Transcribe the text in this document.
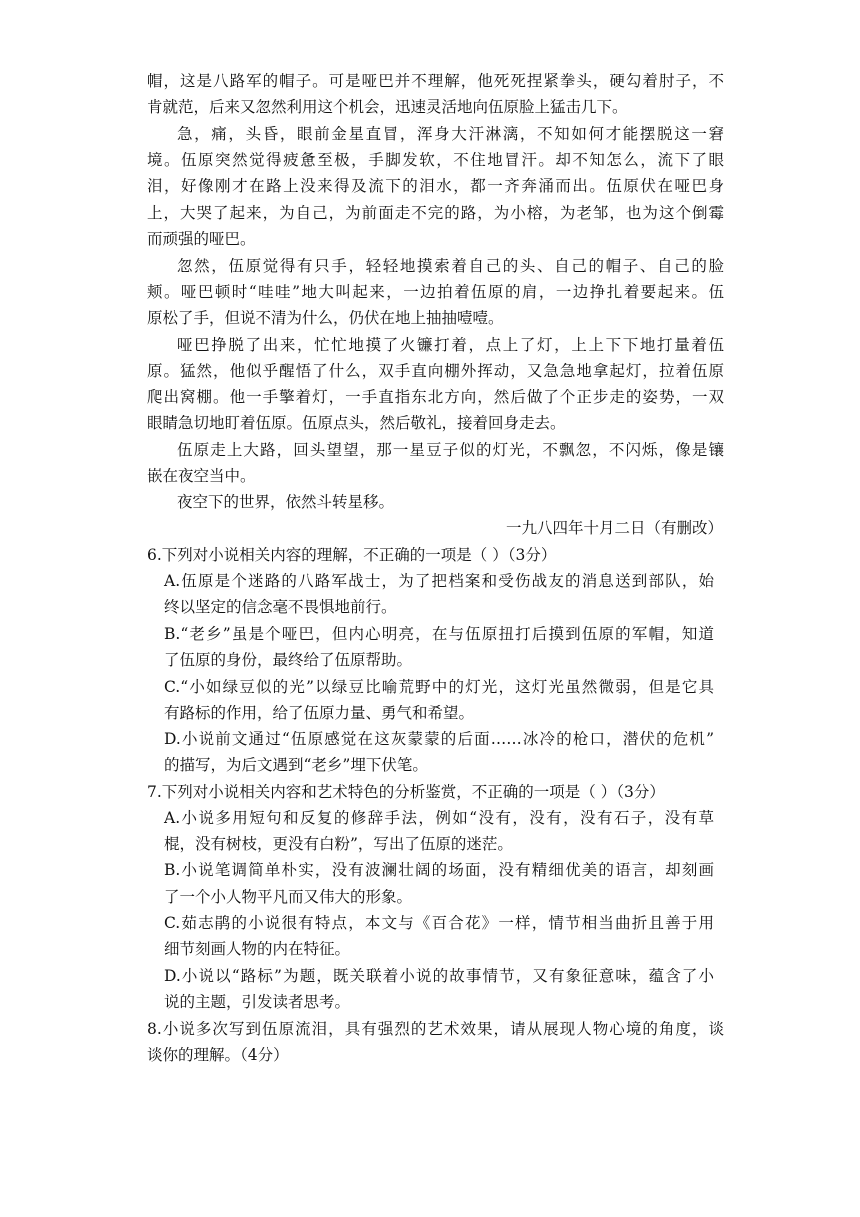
帽，这是八路军的帽子。可是哑巴并不理解，他死死捏紧拳头，硬勾着肘子，不
肯就范，后来又忽然利用这个机会，迅速灵活地向伍原脸上猛击几下。
急，痛，头昏，眼前金星直冒，浑身大汗淋漓，不知如何才能摆脱这一窘
境。伍原突然觉得疲惫至极，手脚发软，不住地冒汗。却不知怎么，流下了眼
泪，好像刚才在路上没来得及流下的泪水，都一齐奔涌而出。伍原伏在哑巴身
上，大哭了起来，为自己，为前面走不完的路，为小榕，为老邹，也为这个倒霉
而顽强的哑巴。
忽然，伍原觉得有只手，轻轻地摸索着自己的头、自己的帽子、自己的脸
颊。哑巴顿时“哇哇”地大叫起来，一边拍着伍原的肩，一边挣扎着要起来。伍
原松了手，但说不清为什么，仍伏在地上抽抽噎噎。
哑巴挣脱了出来，忙忙地摸了火镰打着，点上了灯，上上下下地打量着伍
原。猛然，他似乎醒悟了什么，双手直向棚外挥动，又急急地拿起灯，拉着伍原
爬出窝棚。他一手擎着灯，一手直指东北方向，然后做了个正步走的姿势，一双
眼睛急切地盯着伍原。伍原点头，然后敬礼，接着回身走去。
伍原走上大路，回头望望，那一星豆子似的灯光，不飘忽，不闪烁，像是镶
嵌在夜空当中。
夜空下的世界，依然斗转星移。
一九八四年十月二日（有删改）
6.下列对小说相关内容的理解，不正确的一项是（ ）（3分）
A.伍原是个迷路的八路军战士，为了把档案和受伤战友的消息送到部队，始
终以坚定的信念毫不畏惧地前行。
B.“老乡”虽是个哑巴，但内心明亮，在与伍原扭打后摸到伍原的军帽，知道
了伍原的身份，最终给了伍原帮助。
C.“小如绿豆似的光”以绿豆比喻荒野中的灯光，这灯光虽然微弱，但是它具
有路标的作用，给了伍原力量、勇气和希望。
D.小说前文通过“伍原感觉在这灰蒙蒙的后面……冰冷的枪口，潜伏的危机”
的描写，为后文遇到“老乡”埋下伏笔。
7.下列对小说相关内容和艺术特色的分析鉴赏，不正确的一项是（ ）（3分）
A.小说多用短句和反复的修辞手法，例如“没有，没有，没有石子，没有草
棍，没有树枝，更没有白粉”，写出了伍原的迷茫。
B.小说笔调简单朴实，没有波澜壮阔的场面，没有精细优美的语言，却刻画
了一个小人物平凡而又伟大的形象。
C.茹志鹃的小说很有特点，本文与《百合花》一样，情节相当曲折且善于用
细节刻画人物的内在特征。
D.小说以“路标”为题，既关联着小说的故事情节，又有象征意味，蕴含了小
说的主题，引发读者思考。
8.小说多次写到伍原流泪，具有强烈的艺术效果，请从展现人物心境的角度，谈
谈你的理解。（4分）
